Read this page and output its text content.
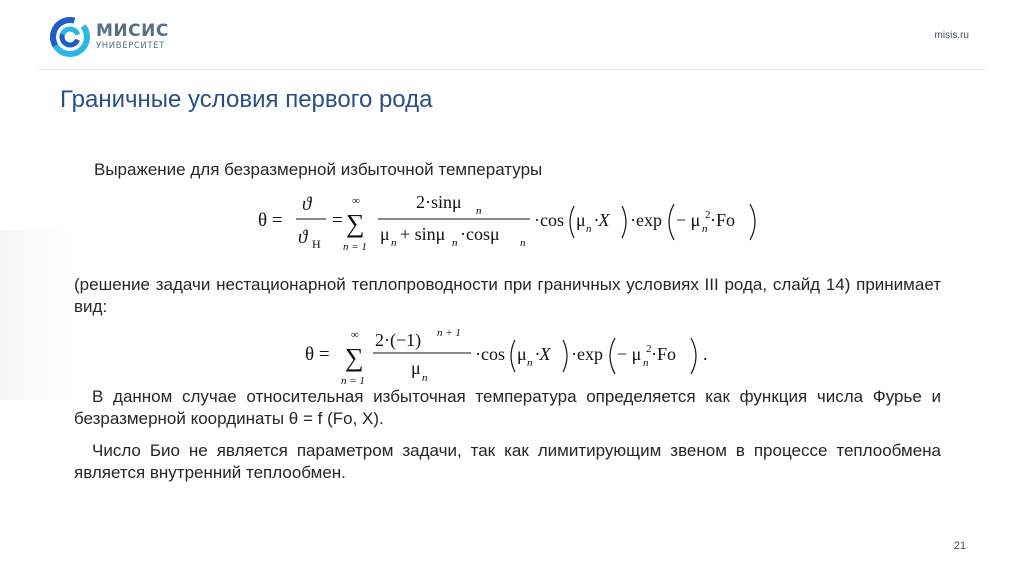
МИСИС
УНИВЕРСИТЕТ
misis.ru
Граничные условия первого рода
Выражение для безразмерной избыточной температуры
θ =
ϑ
ϑ Н
=
∞
∑
n = 1
2·sinμ n
μ n + sinμ n ·cosμ n
·cos μ n ·X ·exp − μ 2
n ·Fo
(решение задачи нестационарной теплопроводности при граничных условиях III рода, слайд 14) принимает вид:
θ =
∞
∑
n = 1
2·(−1) n + 1
μ n
·cos μ n ·X ·exp − μ 2
n ·Fo .
В данном случае относительная избыточная температура определяется как функция числа Фурье и безразмерной координаты θ = f (Fo, X).
Число Био не является параметром задачи, так как лимитирующим звеном в процессе теплообмена является внутренний теплообмен.
21
